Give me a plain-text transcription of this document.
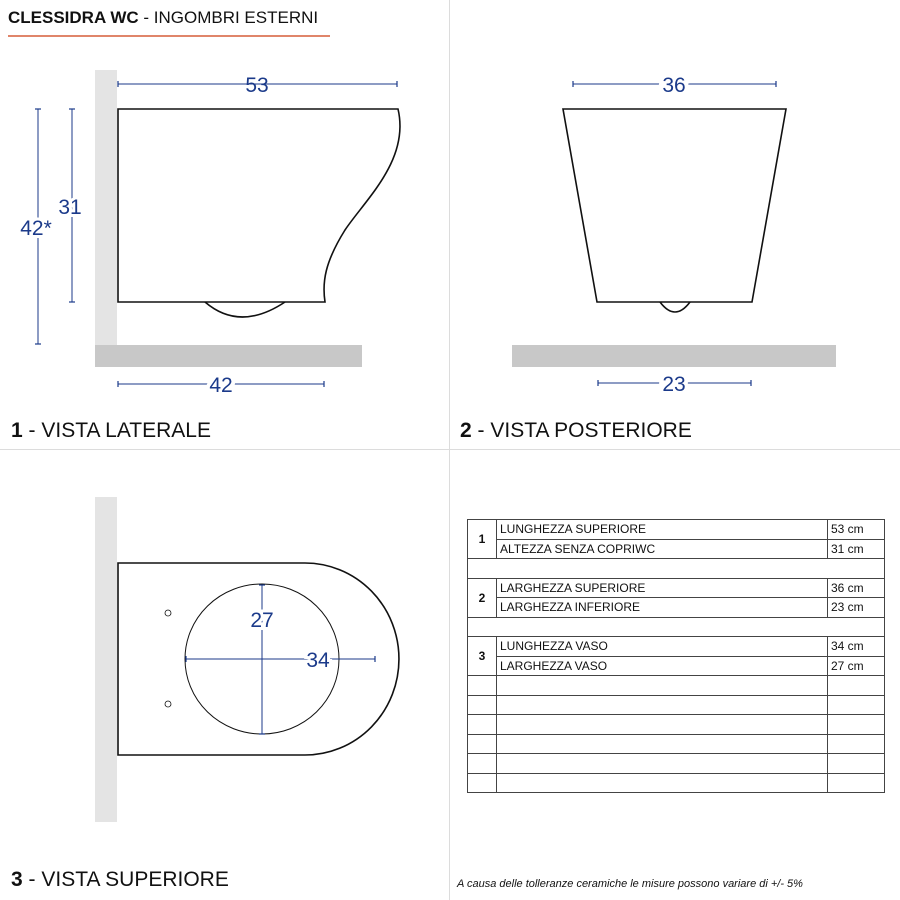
CLESSIDRA WC - INGOMBRI ESTERNI
53
42*
31
42
36
23
27
34
1 - VISTA LATERALE	2 - VISTA POSTERIORE
3 - VISTA SUPERIORE
1	LUNGHEZZA SUPERIORE	53 cm
	ALTEZZA SENZA COPRIWC	31 cm

2	LARGHEZZA SUPERIORE	36 cm
	LARGHEZZA INFERIORE	23 cm

3	LUNGHEZZA VASO	34 cm
	LARGHEZZA VASO	27 cm

A causa delle tolleranze ceramiche le misure possono variare di +/- 5%
